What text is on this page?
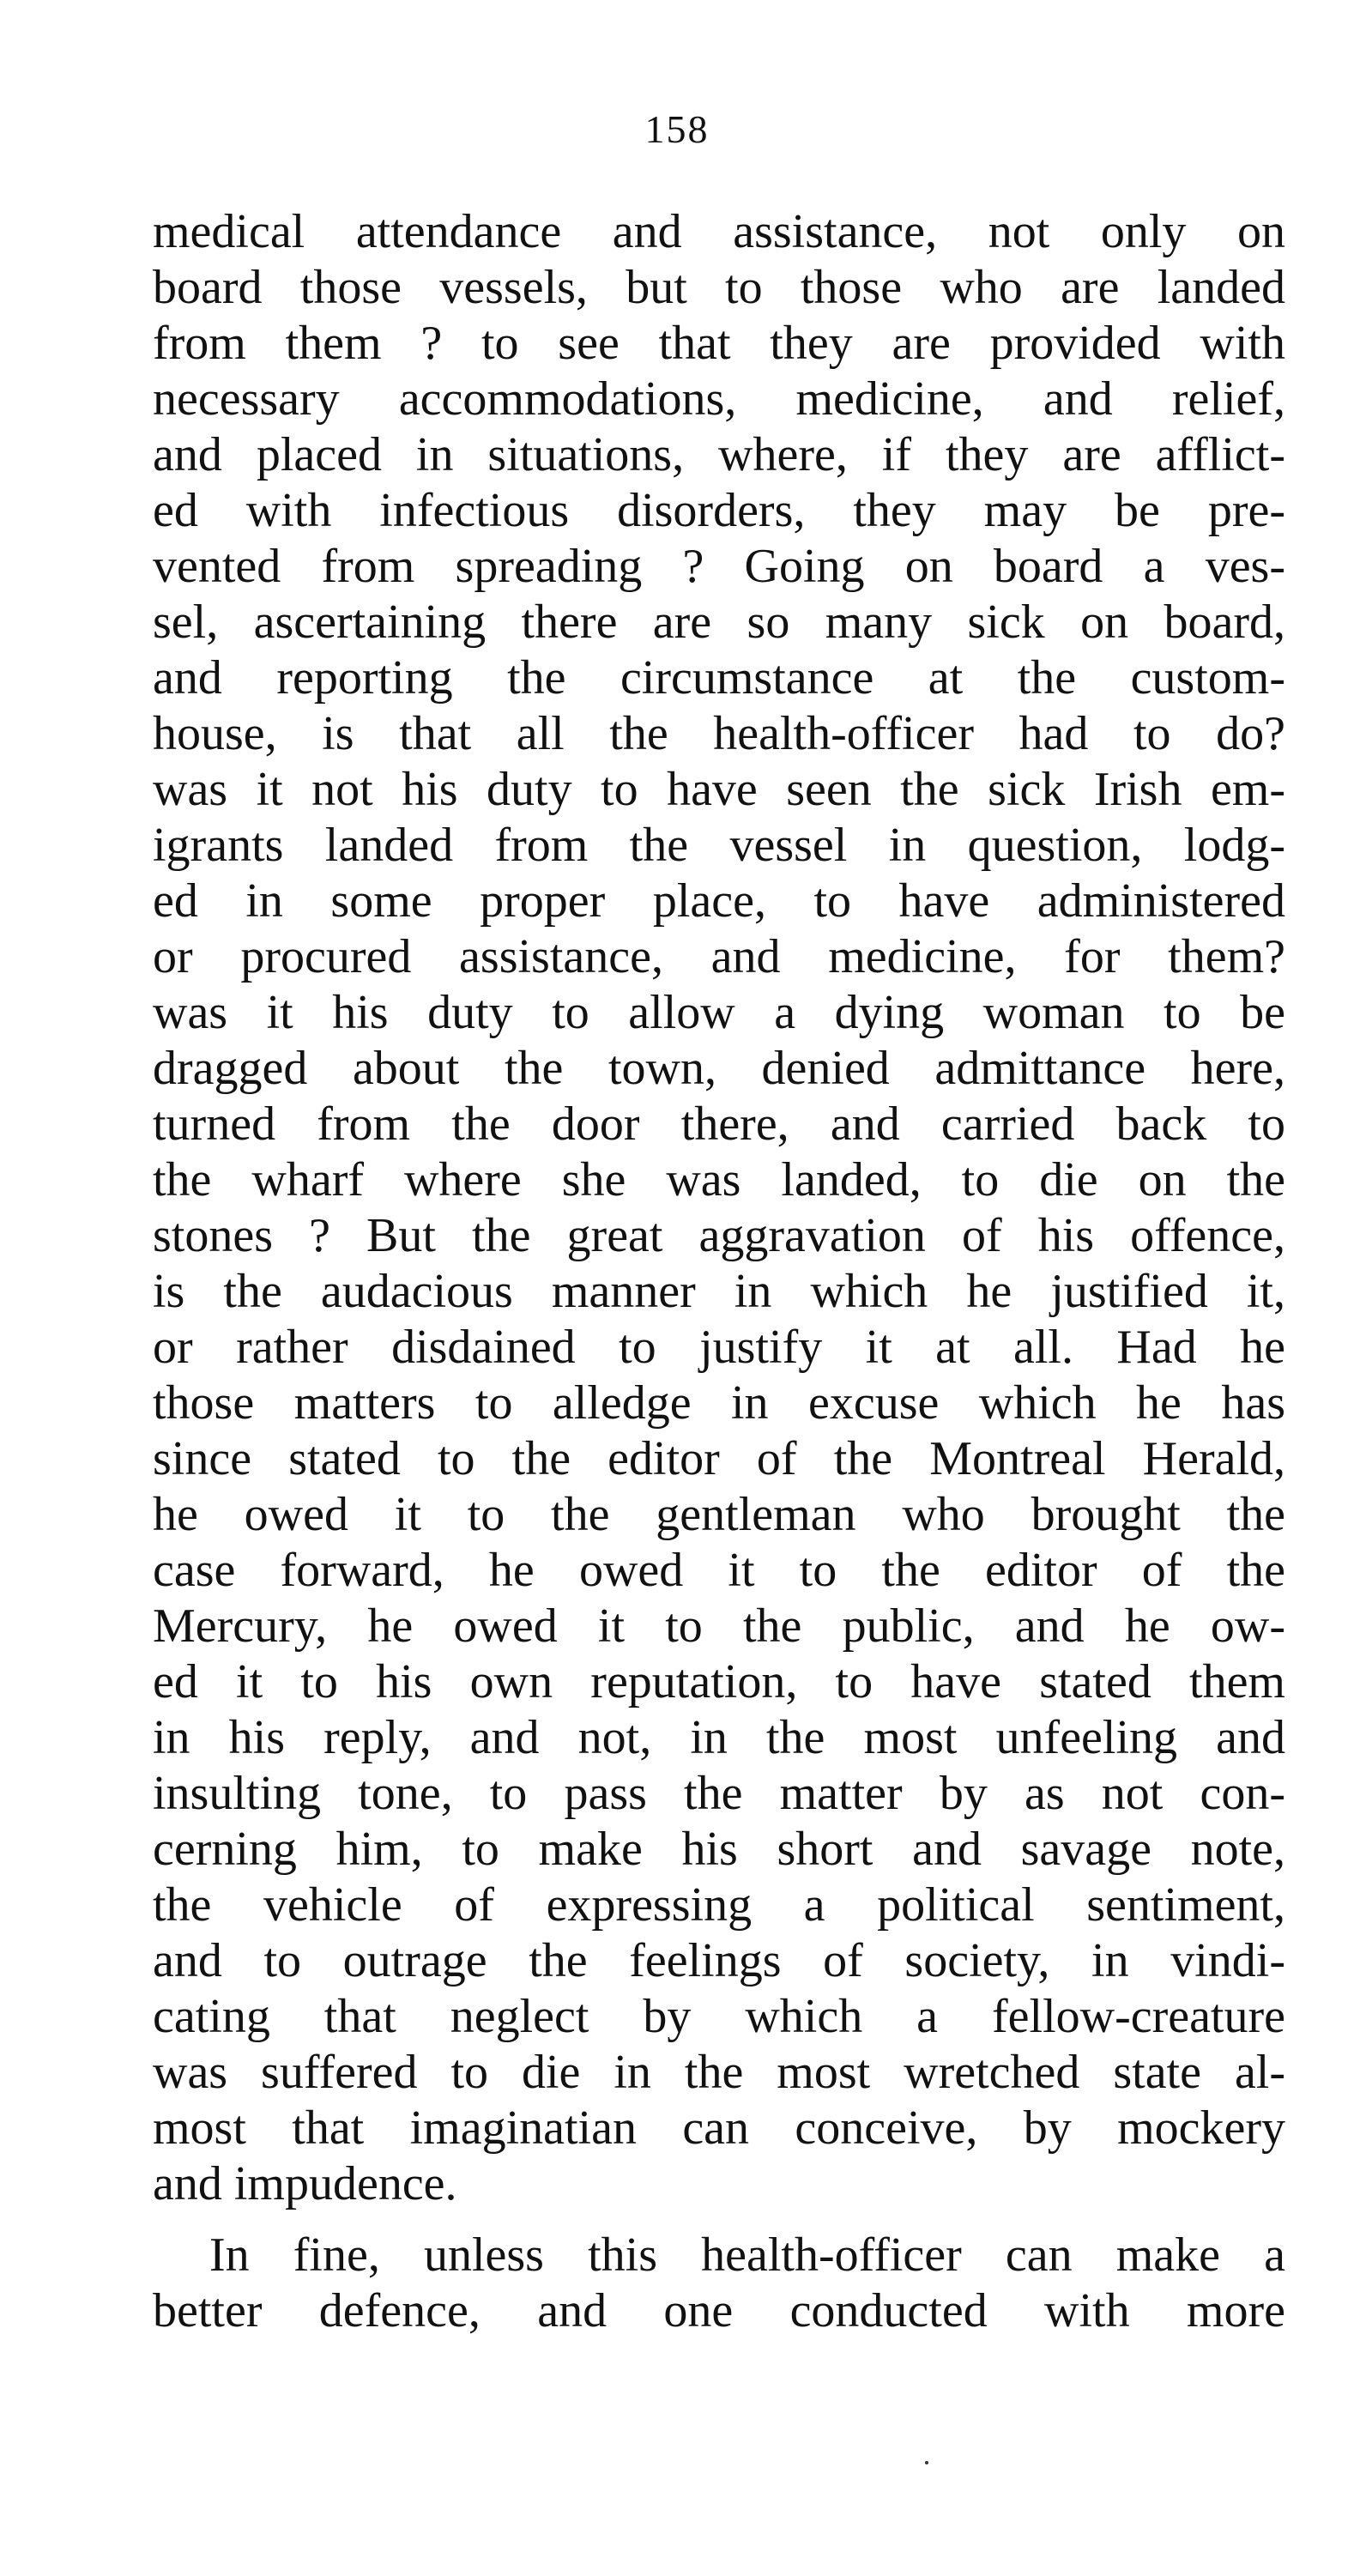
158
medical attendance and assistance, not only on
board those vessels, but to those who are landed
from them ? to see that they are provided with
necessary accommodations, medicine, and relief,
and placed in situations, where, if they are afflict-
ed with infectious disorders, they may be pre-
vented from spreading ? Going on board a ves-
sel, ascertaining there are so many sick on board,
and reporting the circumstance at the custom-
house, is that all the health-officer had to do?
was it not his duty to have seen the sick Irish em-
igrants landed from the vessel in question, lodg-
ed in some proper place, to have administered
or procured assistance, and medicine, for them?
was it his duty to allow a dying woman to be
dragged about the town, denied admittance here,
turned from the door there, and carried back to
the wharf where she was landed, to die on the
stones ? But the great aggravation of his offence,
is the audacious manner in which he justified it,
or rather disdained to justify it at all. Had he
those matters to alledge in excuse which he has
since stated to the editor of the Montreal Herald,
he owed it to the gentleman who brought the
case forward, he owed it to the editor of the
Mercury, he owed it to the public, and he ow-
ed it to his own reputation, to have stated them
in his reply, and not, in the most unfeeling and
insulting tone, to pass the matter by as not con-
cerning him, to make his short and savage note,
the vehicle of expressing a political sentiment,
and to outrage the feelings of society, in vindi-
cating that neglect by which a fellow-creature
was suffered to die in the most wretched state al-
most that imaginatian can conceive, by mockery
and impudence.
In fine, unless this health-officer can make a
better defence, and one conducted with more
